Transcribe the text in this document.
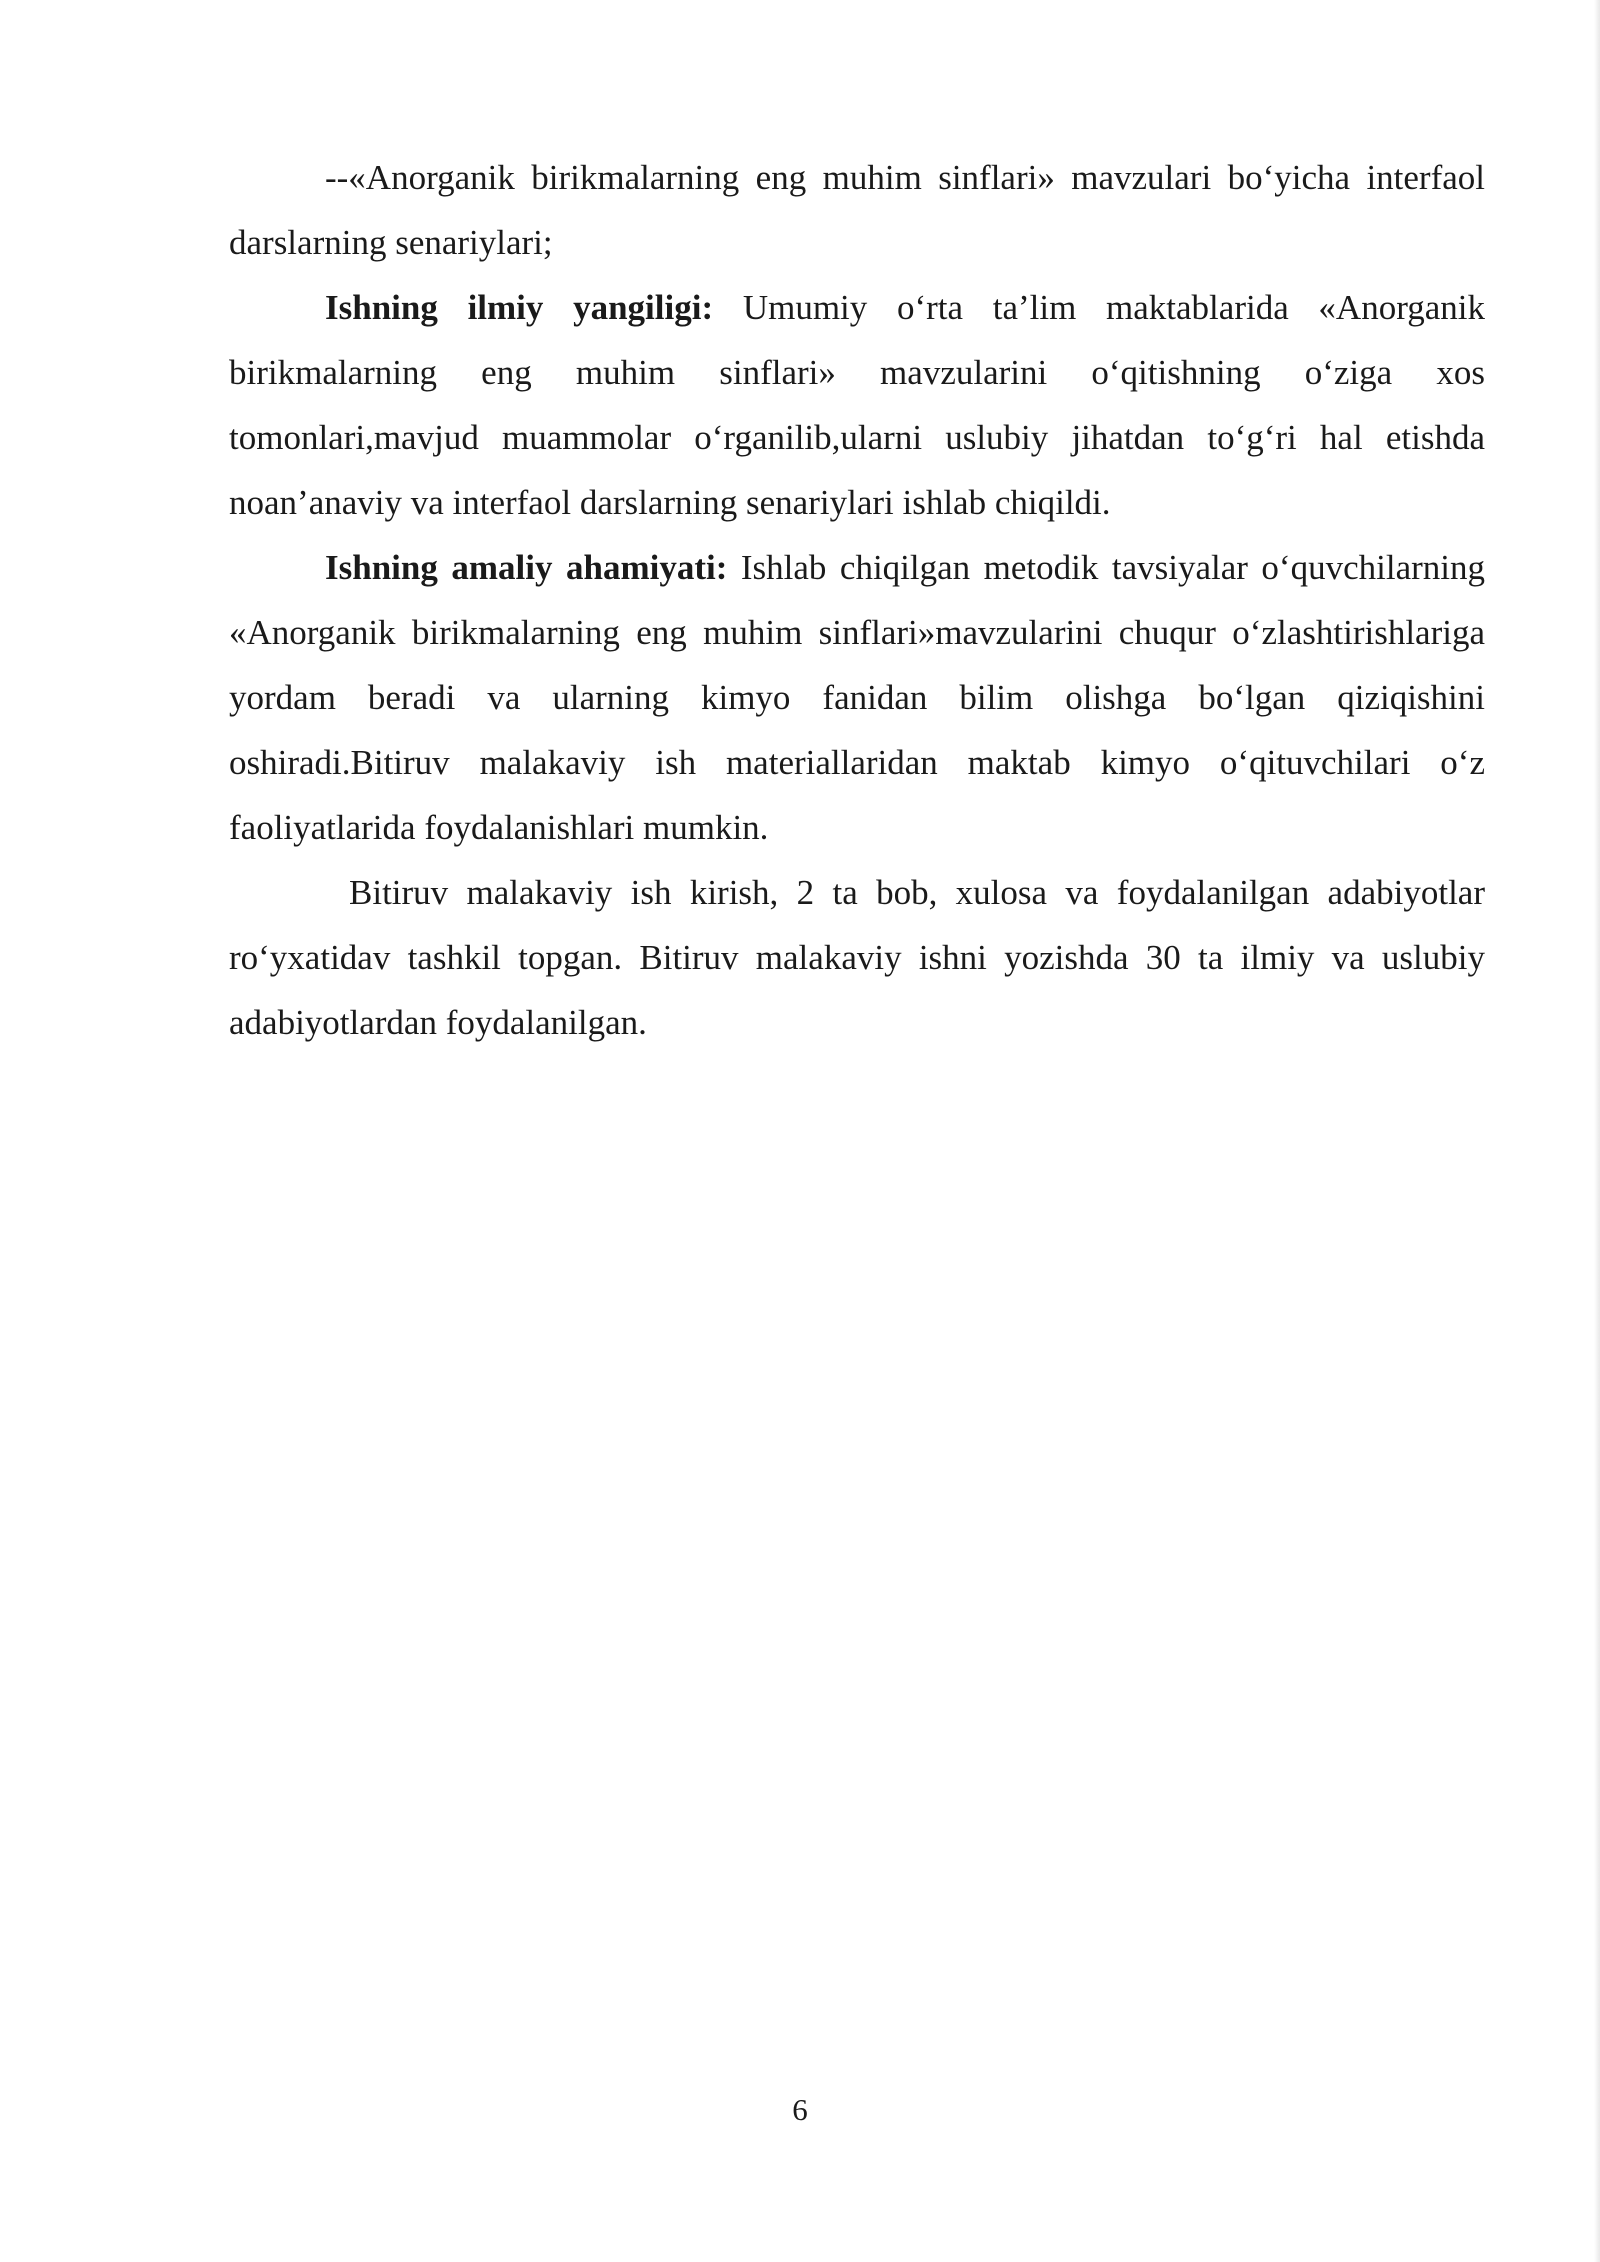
--«Anorganik birikmalarning eng muhim sinflari» mavzulari bo‘yicha interfaol darslarning senariylari;

Ishning ilmiy yangiligi: Umumiy o‘rta ta’lim maktablarida «Anorganik birikmalarning eng muhim sinflari» mavzularini o‘qitishning o‘ziga xos tomonlari,mavjud muammolar o‘rganilib,ularni uslubiy jihatdan to‘g‘ri hal etishda noan’anaviy va interfaol darslarning senariylari ishlab chiqildi.

Ishning amaliy ahamiyati: Ishlab chiqilgan metodik tavsiyalar o‘quvchilarning «Anorganik birikmalarning eng muhim sinflari»mavzularini chuqur o‘zlashtirishlariga yordam beradi va ularning kimyo fanidan bilim olishga bo‘lgan qiziqishini oshiradi.Bitiruv malakaviy ish materiallaridan maktab kimyo o‘qituvchilari o‘z faoliyatlarida foydalanishlari mumkin.

Bitiruv malakaviy ish kirish, 2 ta bob, xulosa va foydalanilgan adabiyotlar ro‘yxatidav tashkil topgan. Bitiruv malakaviy ishni yozishda 30 ta ilmiy va uslubiy adabiyotlardan foydalanilgan.

6
